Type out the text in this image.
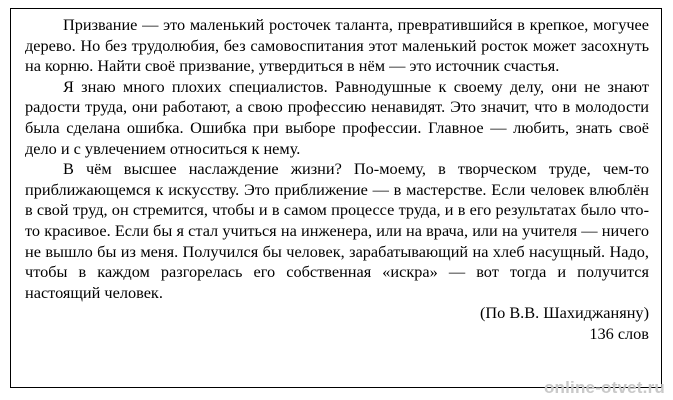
Призвание — это маленький росточек таланта, превратившийся в крепкое, могучее дерево. Но без трудолюбия, без самовоспитания этот маленький росток может засохнуть на корню. Найти своё призвание, утвердиться в нём — это источник счастья.

Я знаю много плохих специалистов. Равнодушные к своему делу, они не знают радости труда, они работают, а свою профессию ненавидят. Это значит, что в молодости была сделана ошибка. Ошибка при выборе профессии. Главное — любить, знать своё дело и с увлечением относиться к нему.

В чём высшее наслаждение жизни? По-моему, в творческом труде, чем-то приближающемся к искусству. Это приближение — в мастерстве. Если человек влюблён в свой труд, он стремится, чтобы и в самом процессе труда, и в его результатах было что-то красивое. Если бы я стал учиться на инженера, или на врача, или на учителя — ничего не вышло бы из меня. Получился бы человек, зарабатывающий на хлеб насущный. Надо, чтобы в каждом разгорелась его собственная «искра» — вот тогда и получится настоящий человек.

(По В.В. Шахиджаняну)

136 слов

online-otvet.ru
